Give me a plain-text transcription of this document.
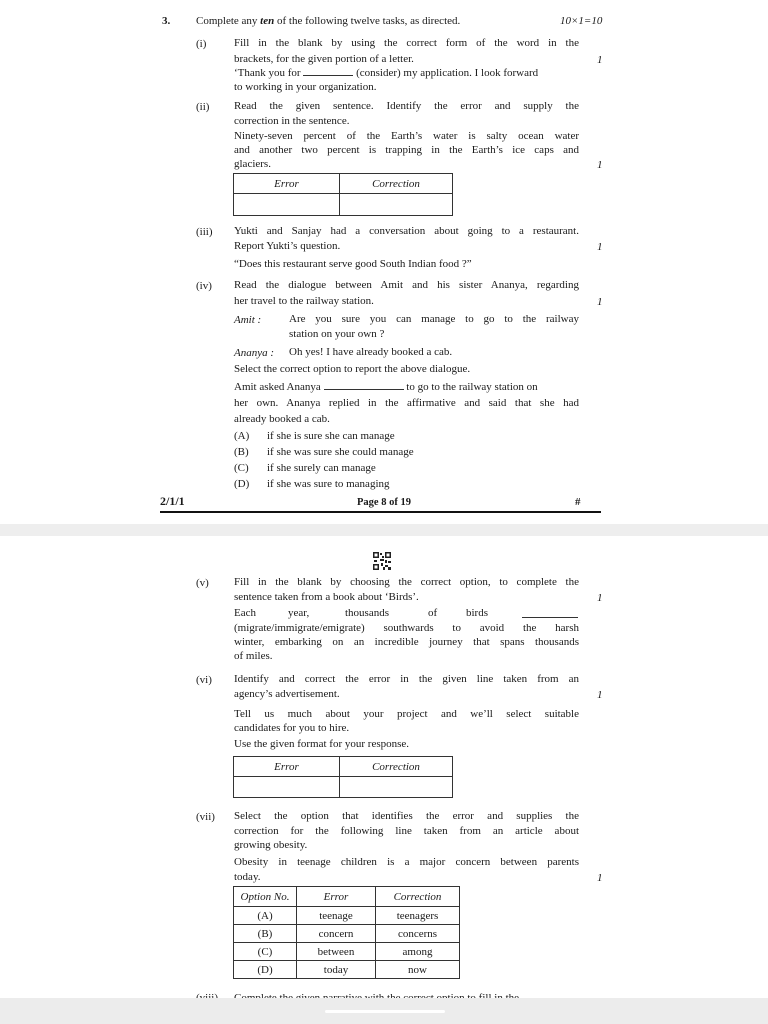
3. Complete any ten of the following twelve tasks, as directed.	10×1=10
(i)	Fill in the blank by using the correct form of the word in the
brackets, for the given portion of a letter.	1
‘Thank you for	(consider) my application. I look forward
to working in your organization.
(ii) Read the given sentence. Identify the error and supply the
correction in the sentence.
Ninety-seven percent of the Earth’s water is salty ocean water
and another two percent is trapping in the Earth’s ice caps and
glaciers.	1
Error	Correction

(iii) Yukti and Sanjay had a conversation about going to a restaurant.
Report Yukti’s question.	1
“Does this restaurant serve good South Indian food ?”
(iv) Read the dialogue between Amit and his sister Ananya, regarding
her travel to the railway station.	1
Amit :	Are you sure you can manage to go to the railway
station on your own ?
Ananya : Oh yes! I have already booked a cab.
Select the correct option to report the above dialogue.
Amit asked Ananya	to go to the railway station on
her own. Ananya replied in the affirmative and said that she had
already booked a cab.
(A) if she is sure she can manage
(B) if she was sure she could manage
(C) if she surely can manage
(D) if she was sure to managing
2/1/1	Page 8 of 19	#
(v) Fill in the blank by choosing the correct option, to complete the
sentence taken from a book about ‘Birds’.	1
Each	year,	thousands	of	birds
(migrate/immigrate/emigrate) southwards to avoid the harsh
winter, embarking on an incredible journey that spans thousands
of miles.
(vi) Identify and correct the error in the given line taken from an
agency’s advertisement.	1
Tell us much about your project and we’ll select suitable
candidates for you to hire.
Use the given format for your response.
Error	Correction

(vii) Select the option that identifies the error and supplies the
correction for the following line taken from an article about
growing obesity.
Obesity in teenage children is a major concern between parents
today.	1
Option No.	Error	Correction
(A)	teenage	teenagers
(B)	concern	concerns
(C)	between	among
(D)	today	now
